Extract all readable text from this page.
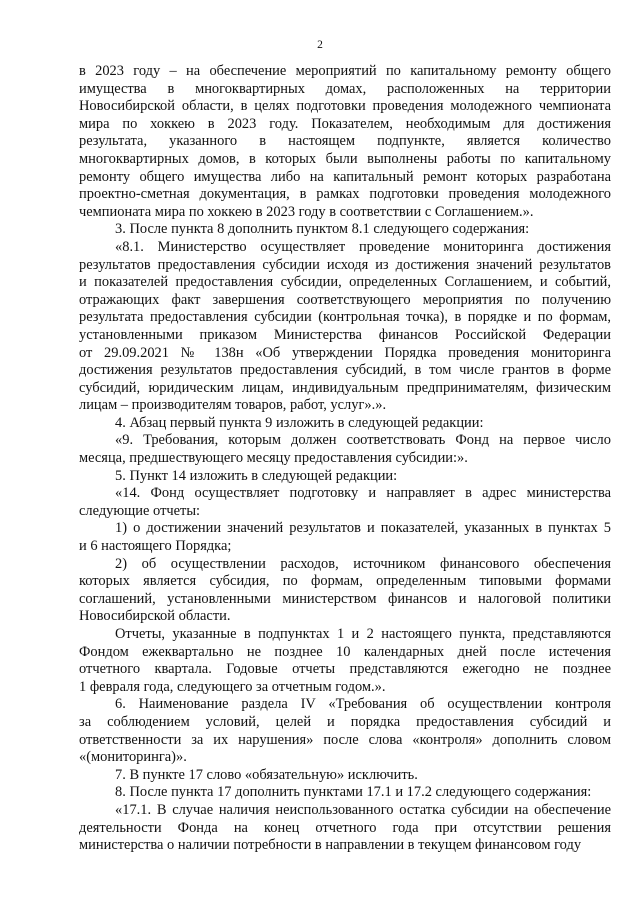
2
в 2023 году – на обеспечение мероприятий по капитальному ремонту общего
имущества в многоквартирных домах, расположенных на территории
Новосибирской области, в целях подготовки проведения молодежного чемпионата
мира по хоккею в 2023 году. Показателем, необходимым для достижения
результата, указанного в настоящем подпункте, является количество
многоквартирных домов, в которых были выполнены работы по капитальному
ремонту общего имущества либо на капитальный ремонт которых разработана
проектно-сметная документация, в рамках подготовки проведения молодежного
чемпионата мира по хоккею в 2023 году в соответствии с Соглашением.».
3. После пункта 8 дополнить пунктом 8.1 следующего содержания:
«8.1. Министерство осуществляет проведение мониторинга достижения
результатов предоставления субсидии исходя из достижения значений результатов
и показателей предоставления субсидии, определенных Соглашением, и событий,
отражающих факт завершения соответствующего мероприятия по получению
результата предоставления субсидии (контрольная точка), в порядке и по формам,
установленными приказом Министерства финансов Российской Федерации
от 29.09.2021 № 138н «Об утверждении Порядка проведения мониторинга
достижения результатов предоставления субсидий, в том числе грантов в форме
субсидий, юридическим лицам, индивидуальным предпринимателям, физическим
лицам – производителям товаров, работ, услуг».».
4. Абзац первый пункта 9 изложить в следующей редакции:
«9. Требования, которым должен соответствовать Фонд на первое число
месяца, предшествующего месяцу предоставления субсидии:».
5. Пункт 14 изложить в следующей редакции:
«14. Фонд осуществляет подготовку и направляет в адрес министерства
следующие отчеты:
1) о достижении значений результатов и показателей, указанных в пунктах 5
и 6 настоящего Порядка;
2) об осуществлении расходов, источником финансового обеспечения
которых является субсидия, по формам, определенным типовыми формами
соглашений, установленными министерством финансов и налоговой политики
Новосибирской области.
Отчеты, указанные в подпунктах 1 и 2 настоящего пункта, представляются
Фондом ежеквартально не позднее 10 календарных дней после истечения
отчетного квартала. Годовые отчеты представляются ежегодно не позднее
1 февраля года, следующего за отчетным годом.».
6. Наименование раздела IV «Требования об осуществлении контроля
за соблюдением условий, целей и порядка предоставления субсидий и
ответственности за их нарушения» после слова «контроля» дополнить словом
«(мониторинга)».
7. В пункте 17 слово «обязательную» исключить.
8. После пункта 17 дополнить пунктами 17.1 и 17.2 следующего содержания:
«17.1. В случае наличия неиспользованного остатка субсидии на обеспечение
деятельности Фонда на конец отчетного года при отсутствии решения
министерства о наличии потребности в направлении в текущем финансовом году
